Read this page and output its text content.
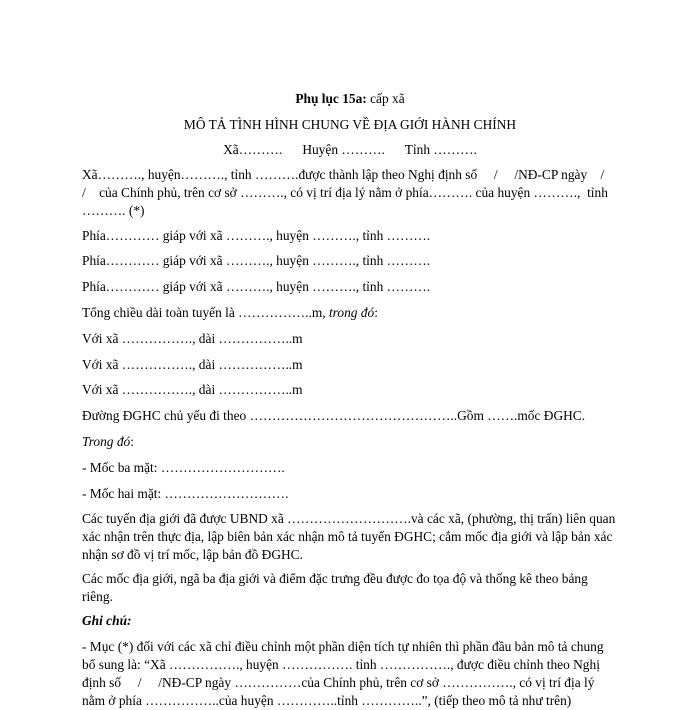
Phụ lục 15a: cấp xã
MÔ TẢ TÌNH HÌNH CHUNG VỀ ĐỊA GIỚI HÀNH CHÍNH
Xã……….      Huyện ……….      Tỉnh ……….
Xã………., huyện………., tỉnh ……….được thành lập theo Nghị định số     /     /NĐ-CP ngày    /     /    của Chính phủ, trên cơ sở ………., có vị trí địa lý nằm ở phía………. của huyện ……….,  tỉnh ………. (*)
Phía………… giáp với xã ………., huyện ………., tỉnh ……….
Phía………… giáp với xã ………., huyện ………., tỉnh ……….
Phía………… giáp với xã ………., huyện ………., tỉnh ……….
Tổng chiều dài toàn tuyến là ……………..m, trong đó:
Với xã ……………., dài ……………..m
Với xã ……………., dài ……………..m
Với xã ……………., dài ……………..m
Đường ĐGHC chủ yếu đi theo ………………………………………..Gồm …….mốc ĐGHC.
Trong đó:
- Mốc ba mặt: ……………………….
- Mốc hai mặt: ……………………….
Các tuyến địa giới đã được UBND xã ……………………….và các xã, (phường, thị trấn) liên quan xác nhận trên thực địa, lập biên bản xác nhận mô tả tuyến ĐGHC; cắm mốc địa giới và lập bản xác nhận sơ đồ vị trí mốc, lập bản đồ ĐGHC.
Các mốc địa giới, ngã ba địa giới và điểm đặc trưng đều được đo tọa độ và thống kê theo bảng riêng.
Ghi chú:
- Mục (*) đối với các xã chỉ điều chỉnh một phần diện tích tự nhiên thì phần đầu bản mô tả chung bổ sung là: “Xã ……………., huyện ……………. tỉnh ……………., được điều chỉnh theo Nghị định số     /     /NĐ-CP ngày ……………của Chính phủ, trên cơ sở ……………., có vị trí địa lý nằm ở phía ……………..của huyện …………..tỉnh …………..”, (tiếp theo mô tả như trên)
